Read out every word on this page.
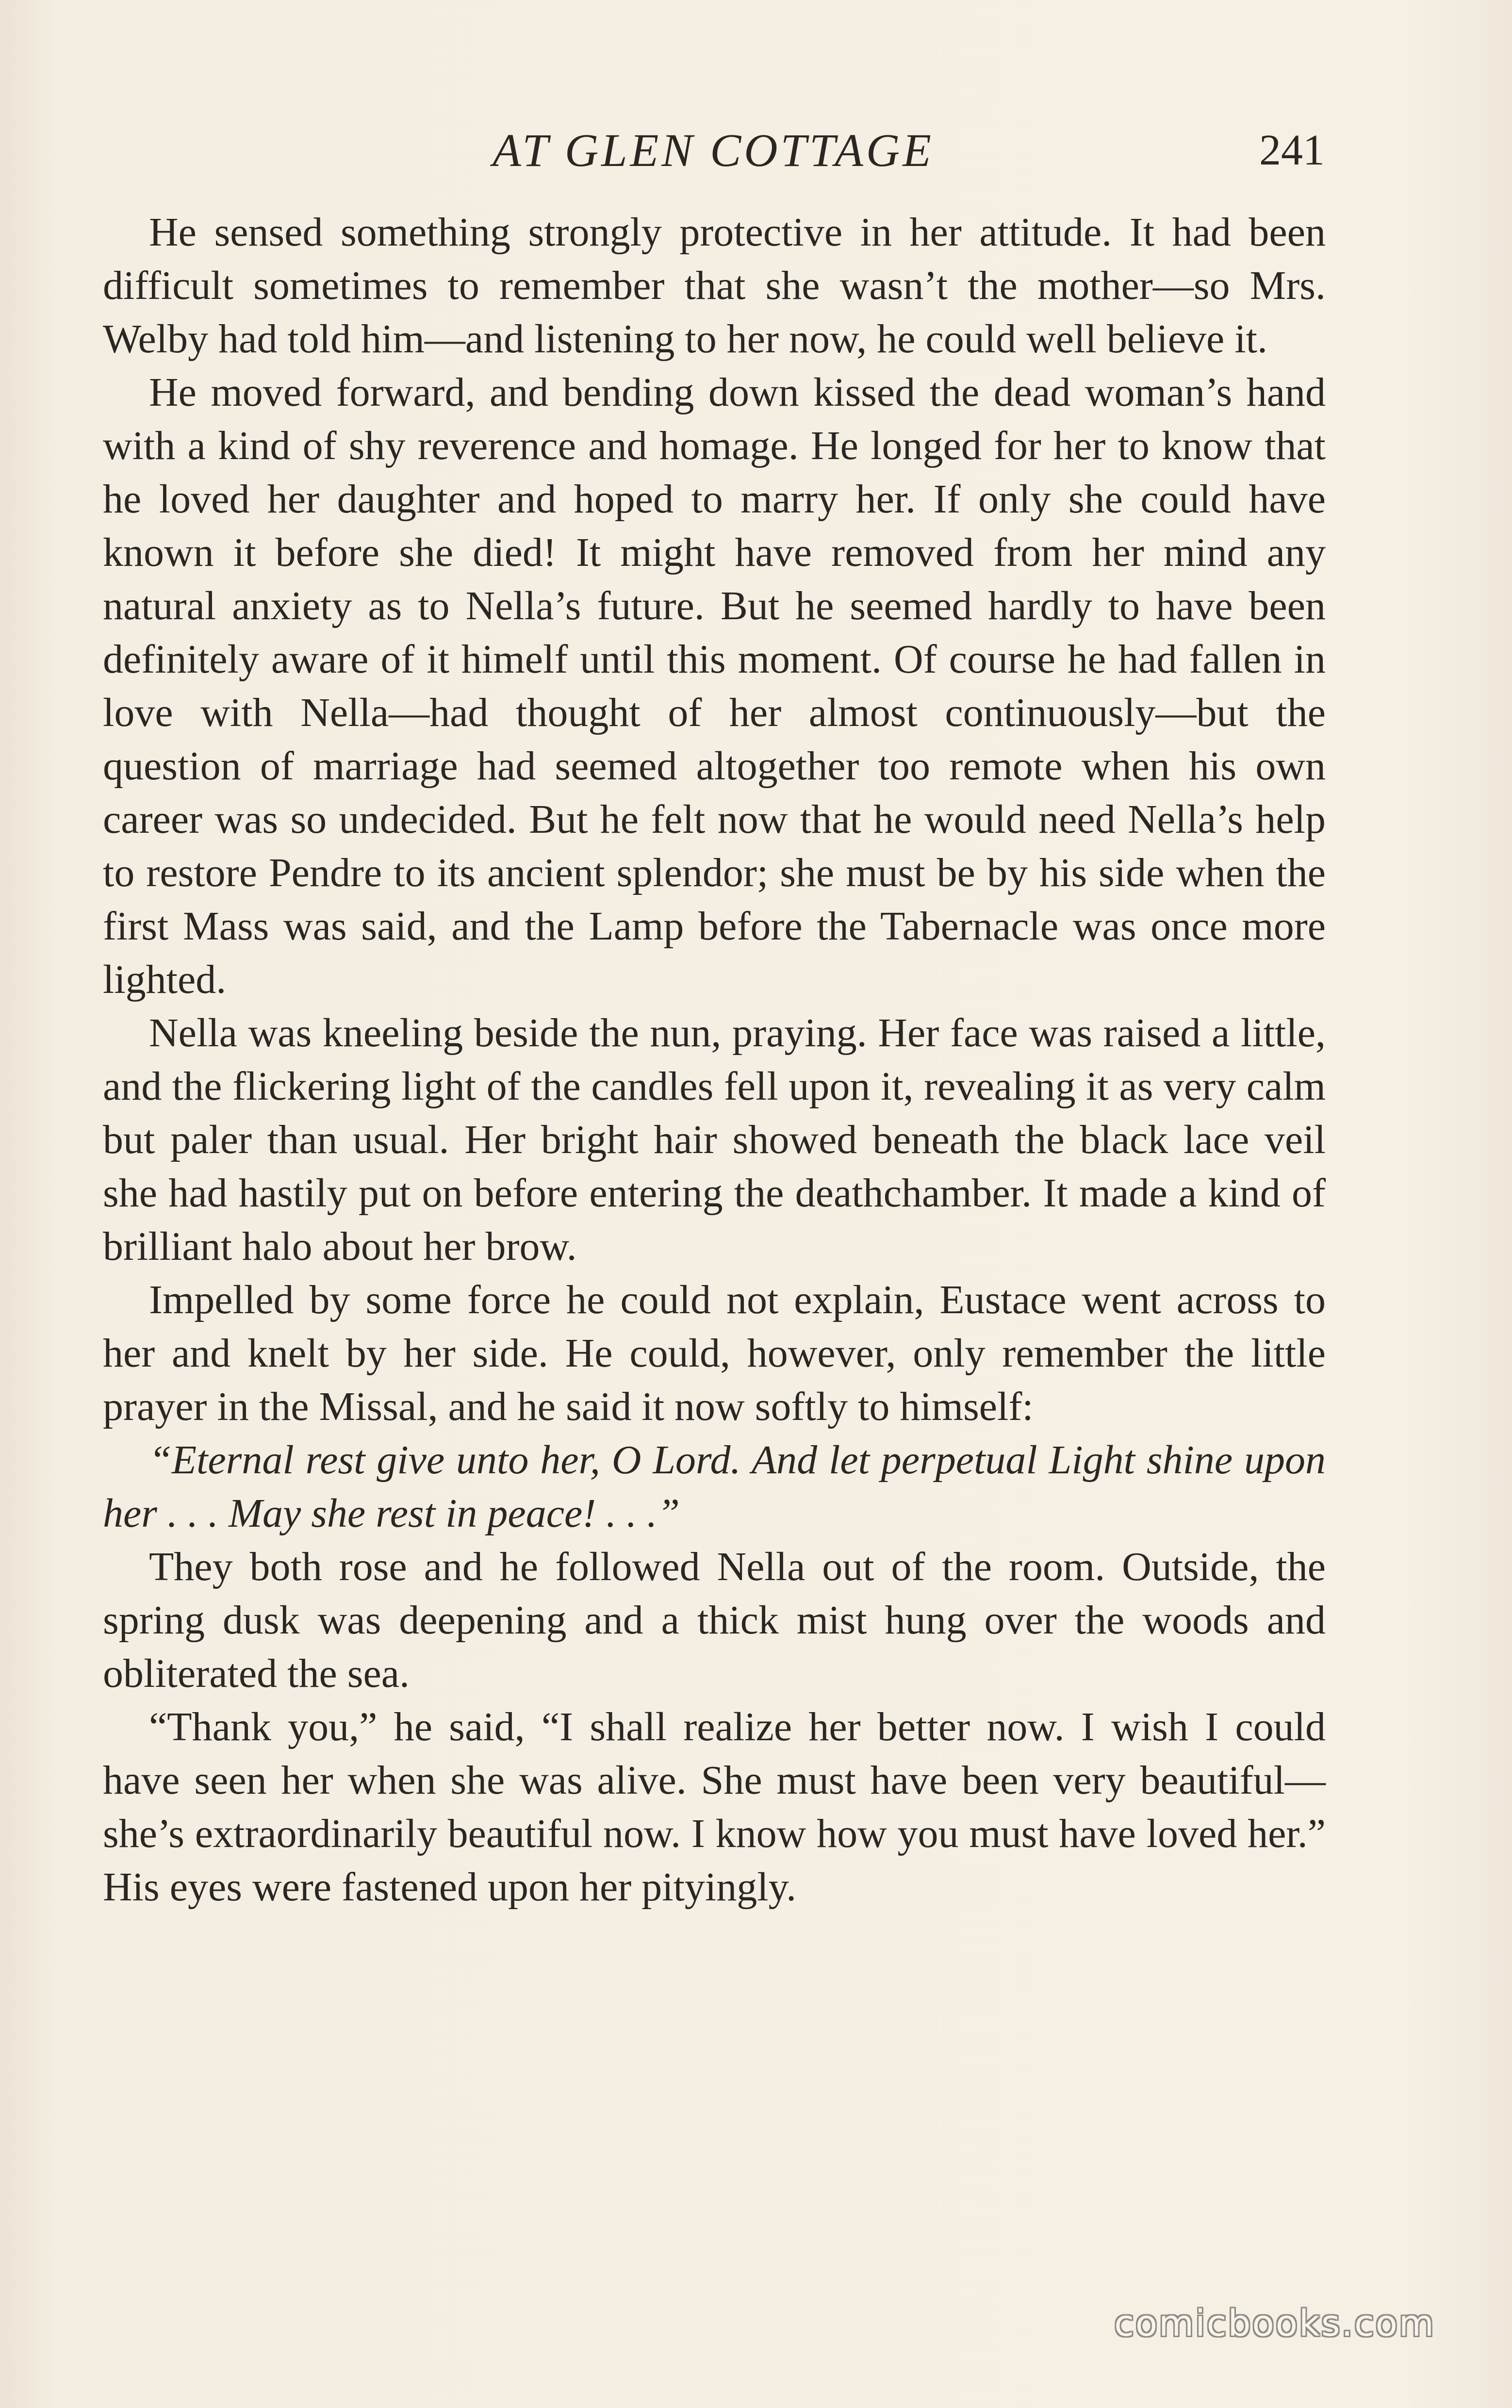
AT GLEN COTTAGE	241

He sensed something strongly protective in her attitude. It had been difficult sometimes to remember that she wasn’t the mother—so Mrs. Welby had told him—and listening to her now, he could well believe it.

He moved forward, and bending down kissed the dead woman’s hand with a kind of shy reverence and homage. He longed for her to know that he loved her daughter and hoped to marry her. If only she could have known it before she died! It might have removed from her mind any natural anxiety as to Nella’s future. But he seemed hardly to have been definitely aware of it himelf until this moment. Of course he had fallen in love with Nella—had thought of her almost continuously—but the question of marriage had seemed altogether too remote when his own career was so undecided. But he felt now that he would need Nella’s help to restore Pendre to its ancient splendor; she must be by his side when the first Mass was said, and the Lamp before the Tabernacle was once more lighted.

Nella was kneeling beside the nun, praying. Her face was raised a little, and the flickering light of the candles fell upon it, revealing it as very calm but paler than usual. Her bright hair showed beneath the black lace veil she had hastily put on before entering the deathchamber. It made a kind of brilliant halo about her brow.

Impelled by some force he could not explain, Eustace went across to her and knelt by her side. He could, however, only remember the little prayer in the Missal, and he said it now softly to himself:

“Eternal rest give unto her, O Lord. And let perpetual Light shine upon her . . . May she rest in peace! . . .”

They both rose and he followed Nella out of the room. Outside, the spring dusk was deepening and a thick mist hung over the woods and obliterated the sea.

“Thank you,” he said, “I shall realize her better now. I wish I could have seen her when she was alive. She must have been very beautiful—she’s extraordinarily beautiful now. I know how you must have loved her.” His eyes were fastened upon her pityingly.

comicbooks.com
